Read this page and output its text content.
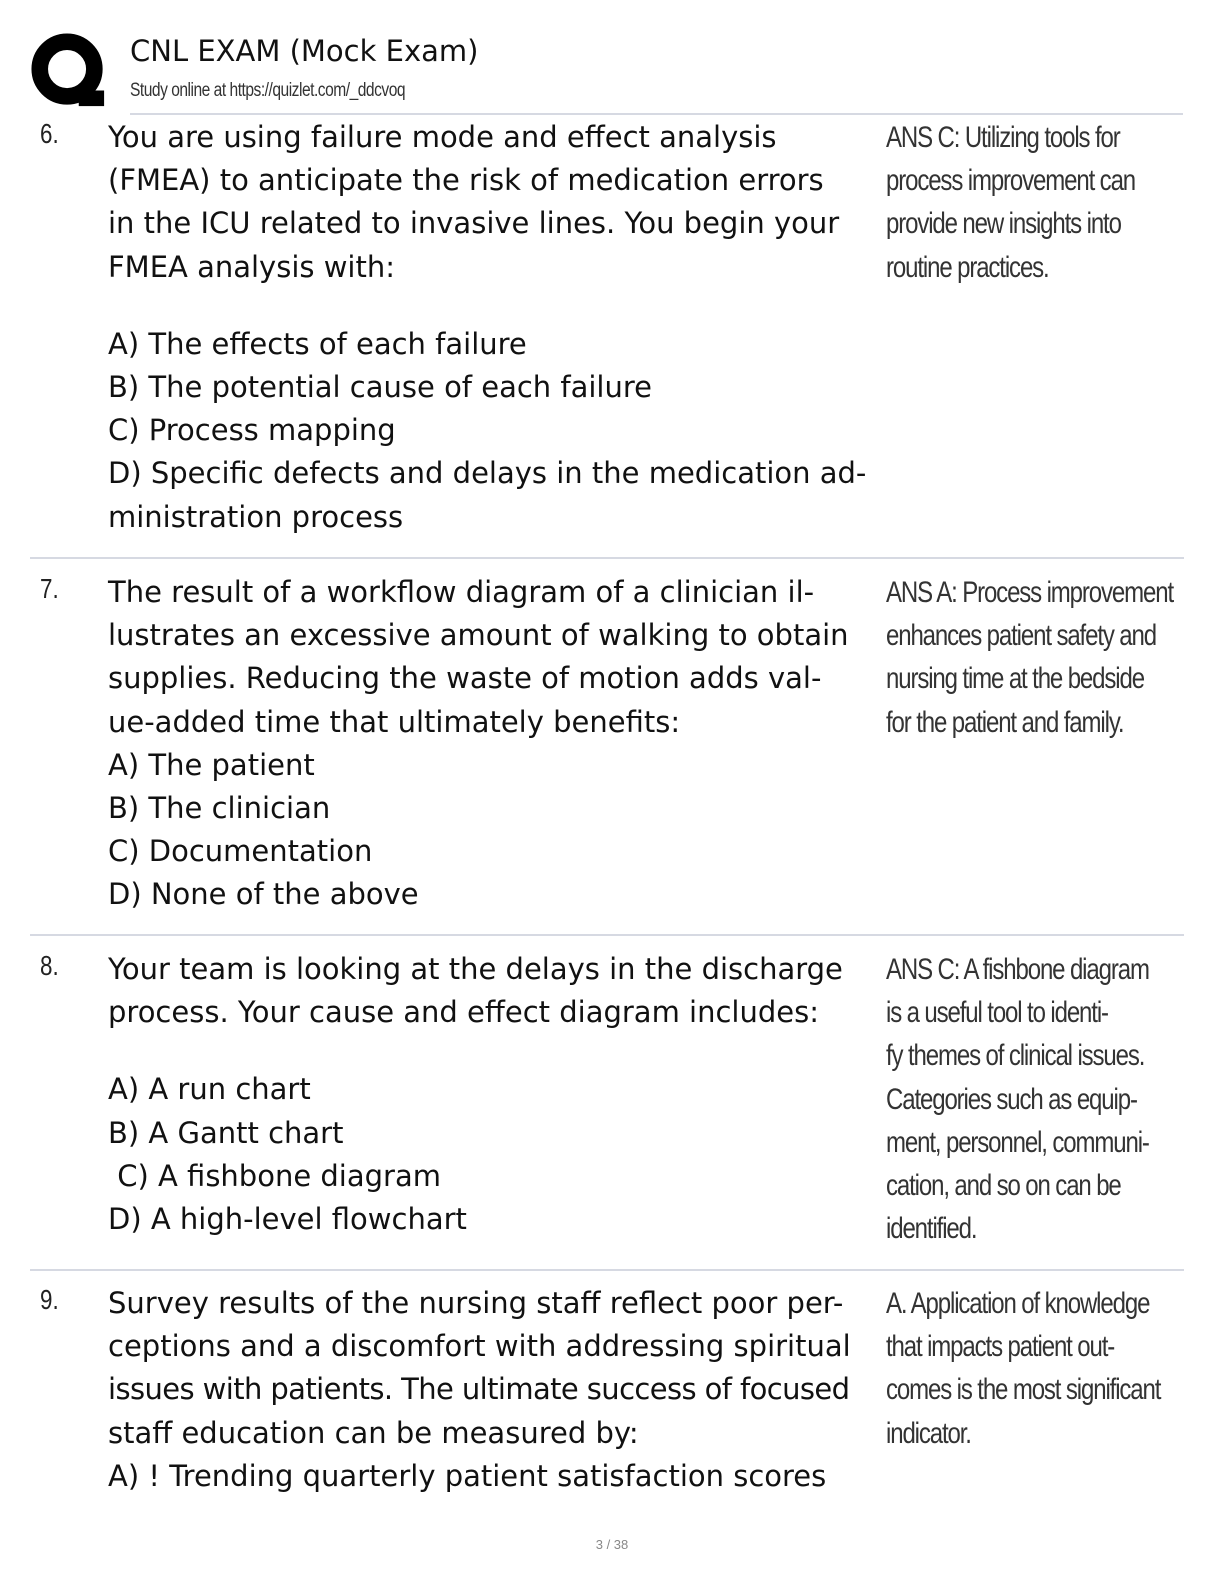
CNL EXAM (Mock Exam)
Study online at https://quizlet.com/_ddcvoq
6. You are using failure mode and effect analysis

(FMEA) to anticipate the risk of medication errors

in the ICU related to invasive lines. You begin your

FMEA analysis with:

A) The effects of each failure

B) The potential cause of each failure

C) Process mapping

D) Specific defects and delays in the medication ad-

ministration process

ANS C: Utilizing tools for

process improvement can

provide new insights into

routine practices.

7. The result of a workflow diagram of a clinician il-

lustrates an excessive amount of walking to obtain

supplies. Reducing the waste of motion adds val-

ue-added time that ultimately benefits:

A) The patient

B) The clinician

C) Documentation

D) None of the above

ANS A: Process improvement

enhances patient safety and

nursing time at the bedside

for the patient and family.

8. Your team is looking at the delays in the discharge

process. Your cause and effect diagram includes:

A) A run chart

B) A Gantt chart

C) A fishbone diagram

D) A high-level flowchart

ANS C: A fishbone diagram

is a useful tool to identi-

fy themes of clinical issues.

Categories such as equip-

ment, personnel, communi-

cation, and so on can be

identified.

9. Survey results of the nursing staff reflect poor per-

ceptions and a discomfort with addressing spiritual

issues with patients. The ultimate success of focused

staff education can be measured by:

A) ! Trending quarterly patient satisfaction scores

A. Application of knowledge

that impacts patient out-

comes is the most significant

indicator.

3 / 38
